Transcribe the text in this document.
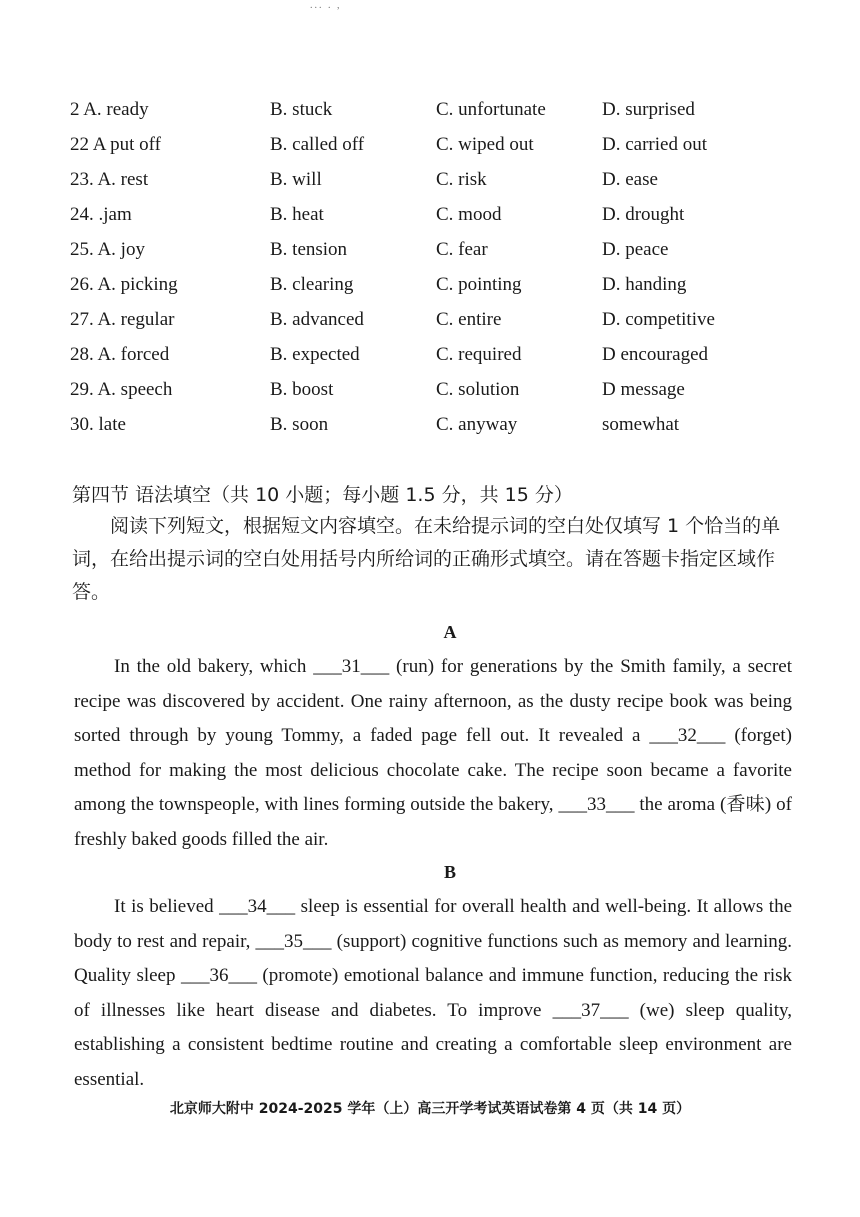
... . ,
2 A. ready	B. stuck	C. unfortunate	D. surprised
22 A put off	B. called off	C. wiped out	D. carried out
23. A. rest	B. will	C. risk	D. ease
24. .jam	B. heat	C. mood	D. drought
25. A. joy	B. tension	C. fear	D. peace
26. A. picking	B. clearing	C. pointing	D. handing
27. A. regular	B. advanced	C. entire	D. competitive
28. A. forced	B. expected	C. required	D encouraged
29. A. speech	B. boost	C. solution	D message
30. late	B. soon	C. anyway	somewhat
第四节 语法填空（共 10 小题；每小题 1.5 分，共 15 分）
阅读下列短文，根据短文内容填空。在未给提示词的空白处仅填写 1 个恰当的单词，在给出提示词的空白处用括号内所给词的正确形式填空。请在答题卡指定区域作答。
A
In the old bakery, which ___31___ (run) for generations by the Smith family, a secret recipe was discovered by accident. One rainy afternoon, as the dusty recipe book was being sorted through by young Tommy, a faded page fell out. It revealed a ___32___ (forget) method for making the most delicious chocolate cake. The recipe soon became a favorite among the townspeople, with lines forming outside the bakery, ___33___ the aroma (香味) of freshly baked goods filled the air.
B
It is believed ___34___ sleep is essential for overall health and well-being. It allows the body to rest and repair, ___35___ (support) cognitive functions such as memory and learning. Quality sleep ___36___ (promote) emotional balance and immune function, reducing the risk of illnesses like heart disease and diabetes. To improve ___37___ (we) sleep quality, establishing a consistent bedtime routine and creating a comfortable sleep environment are essential.
北京师大附中 2024-2025 学年（上）高三开学考试英语试卷第 4 页（共 14 页）
